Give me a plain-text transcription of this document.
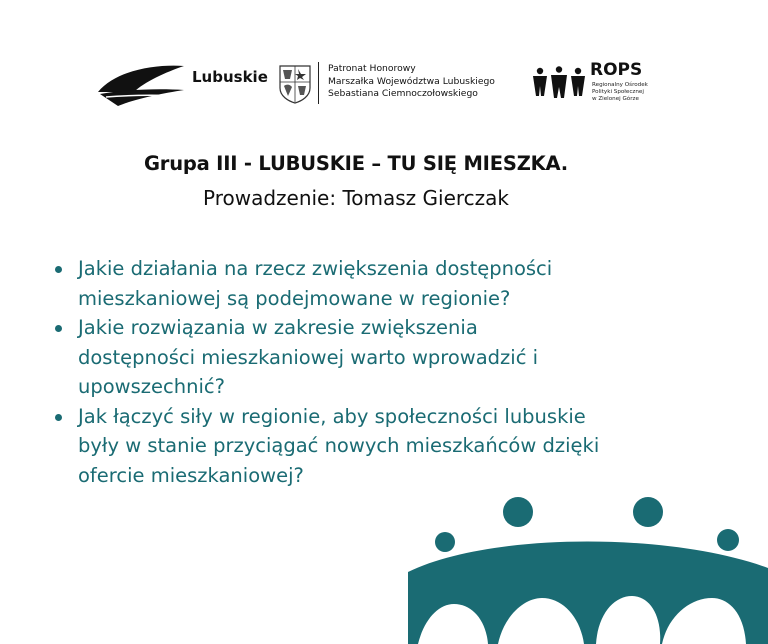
Lubuskie	Patronat Honorowy
Marszałka Województwa Lubuskiego
Sebastiana Ciemnoczołowskiego
ROPS
Regionalny Ośrodek
Polityki Społecznej
w Zielonej Górze
Grupa III - LUBUSKIE – TU SIĘ MIESZKA.
Prowadzenie: Tomasz Gierczak
Jakie działania na rzecz zwiększenia dostępności
mieszkaniowej są podejmowane w regionie?
Jakie rozwiązania w zakresie zwiększenia
dostępności mieszkaniowej warto wprowadzić i
upowszechnić?
Jak łączyć siły w regionie, aby społeczności lubuskie
były w stanie przyciągać nowych mieszkańców dzięki
ofercie mieszkaniowej?
